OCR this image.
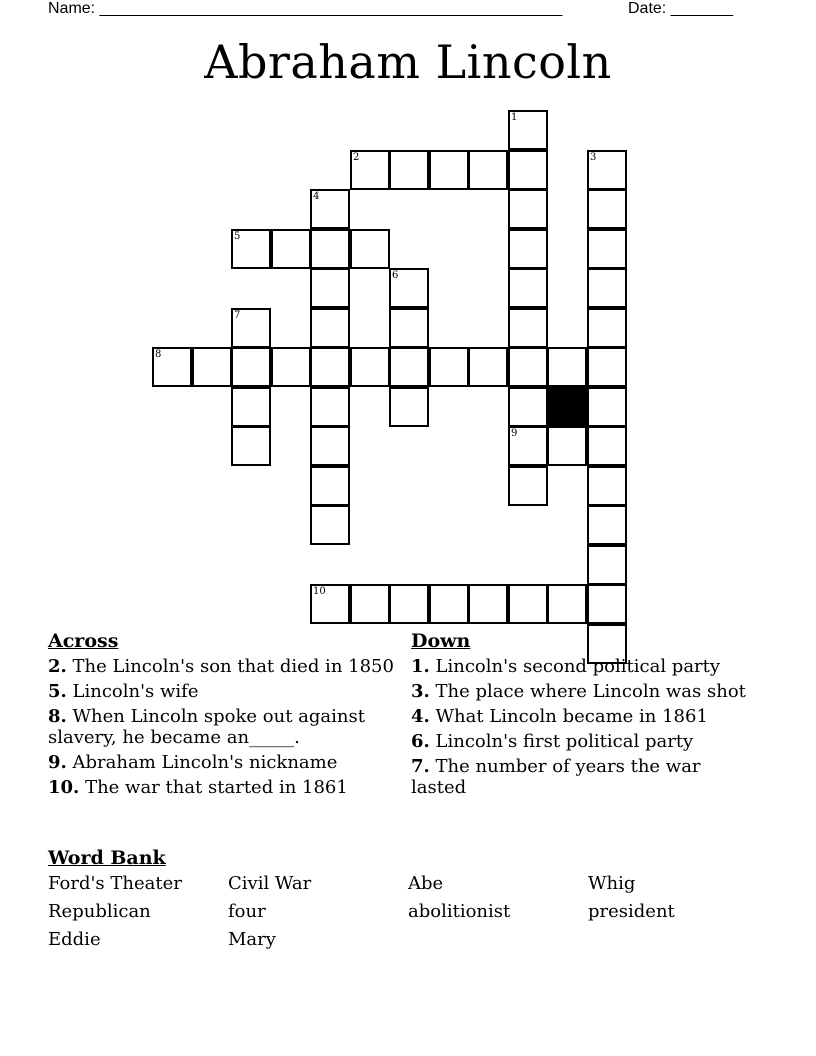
Name: ____________________________________________________	Date: _______
Abraham Lincoln
1
9
2	3
4
5
6
7
8
10
Across
2. The Lincoln's son that died in 1850
5. Lincoln's wife
8. When Lincoln spoke out against slavery, he became an_____.
9. Abraham Lincoln's nickname
10. The war that started in 1861
Down
1. Lincoln's second political party
3. The place where Lincoln was shot
4. What Lincoln became in 1861
6. Lincoln's first political party
7. The number of years the war lasted
Word Bank
Ford's Theater	Civil War	Abe	Whig
Republican	four	abolitionist	president
Eddie	Mary
